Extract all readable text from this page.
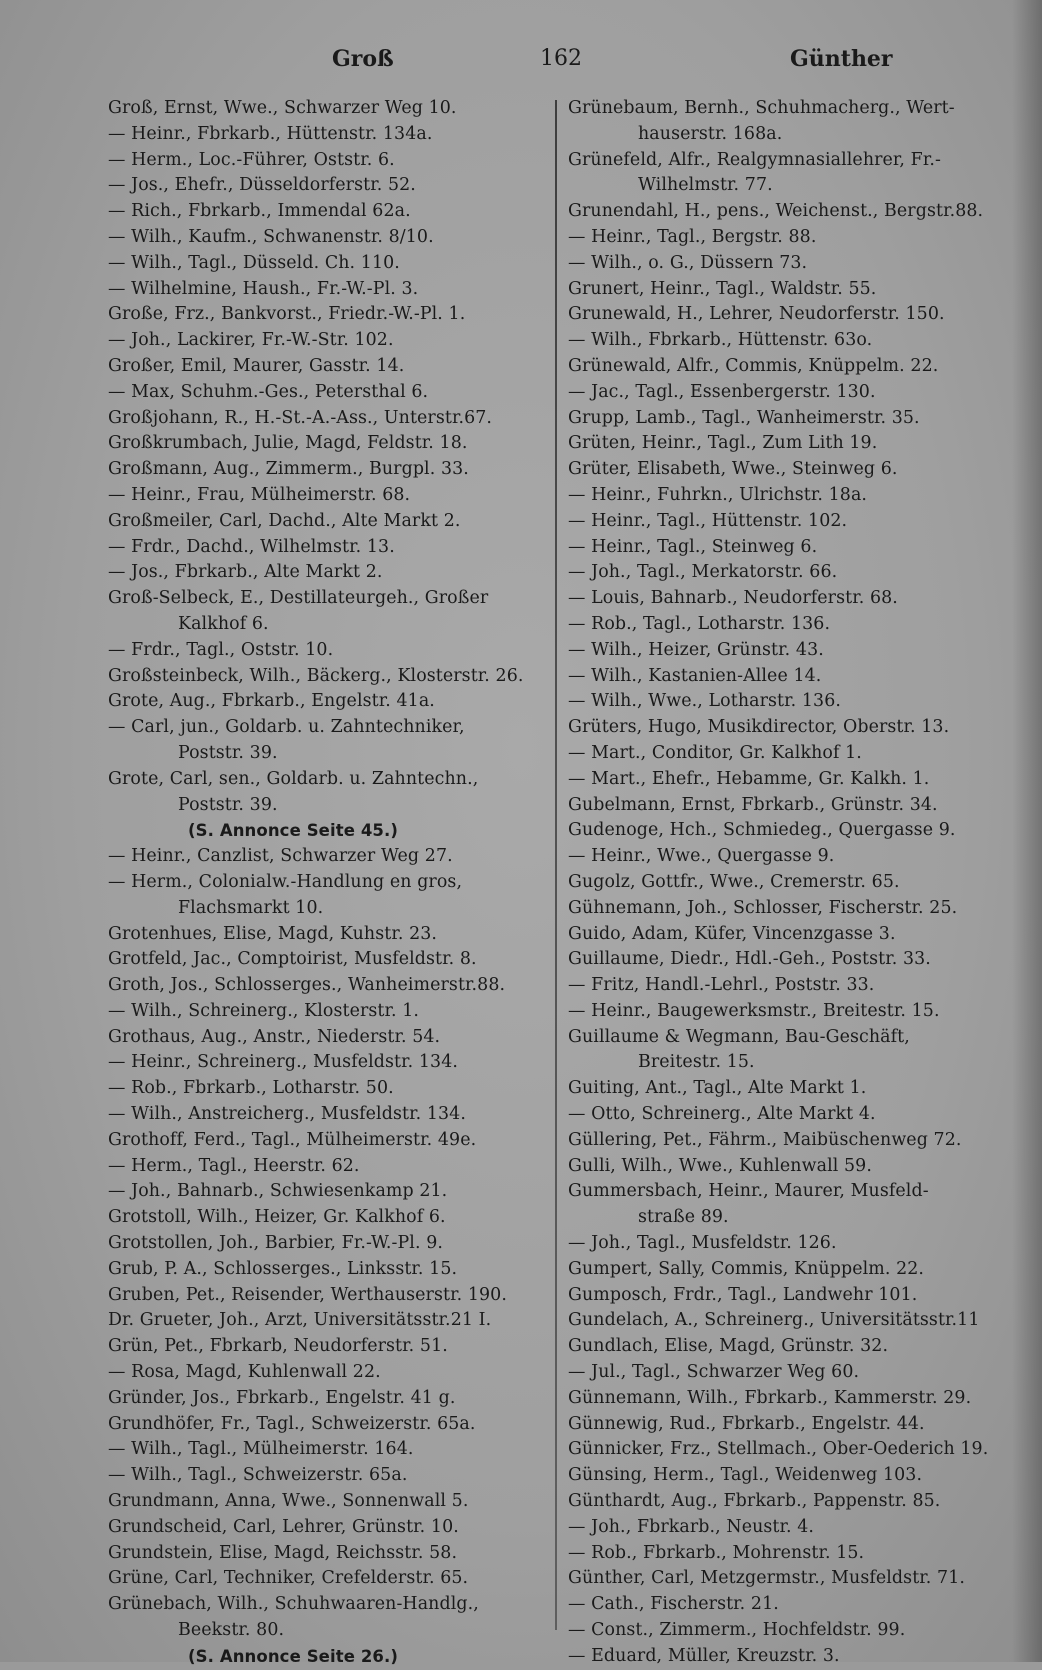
Groß	162	Günther
Groß, Ernst, Wwe., Schwarzer Weg 10.
— Heinr., Fbrkarb., Hüttenstr. 134a.
— Herm., Loc.-Führer, Oststr. 6.
— Jos., Ehefr., Düsseldorferstr. 52.
— Rich., Fbrkarb., Immendal 62a.
— Wilh., Kaufm., Schwanenstr. 8/10.
— Wilh., Tagl., Düsseld. Ch. 110.
— Wilhelmine, Haush., Fr.-W.-Pl. 3.
Große, Frz., Bankvorst., Friedr.-W.-Pl. 1.
— Joh., Lackirer, Fr.-W.-Str. 102.
Großer, Emil, Maurer, Gasstr. 14.
— Max, Schuhm.-Ges., Petersthal 6.
Großjohann, R., H.-St.-A.-Ass., Unterstr.67.
Großkrumbach, Julie, Magd, Feldstr. 18.
Großmann, Aug., Zimmerm., Burgpl. 33.
— Heinr., Frau, Mülheimerstr. 68.
Großmeiler, Carl, Dachd., Alte Markt 2.
— Frdr., Dachd., Wilhelmstr. 13.
— Jos., Fbrkarb., Alte Markt 2.
Groß-Selbeck, E., Destillateurgeh., Großer
Kalkhof 6.
— Frdr., Tagl., Oststr. 10.
Großsteinbeck, Wilh., Bäckerg., Klosterstr. 26.
Grote, Aug., Fbrkarb., Engelstr. 41a.
— Carl, jun., Goldarb. u. Zahntechniker,
Poststr. 39.
Grote, Carl, sen., Goldarb. u. Zahntechn.,
Poststr. 39.
(S. Annonce Seite 45.)
— Heinr., Canzlist, Schwarzer Weg 27.
— Herm., Colonialw.-Handlung en gros,
Flachsmarkt 10.
Grotenhues, Elise, Magd, Kuhstr. 23.
Grotfeld, Jac., Comptoirist, Musfeldstr. 8.
Groth, Jos., Schlosserges., Wanheimerstr.88.
— Wilh., Schreinerg., Klosterstr. 1.
Grothaus, Aug., Anstr., Niederstr. 54.
— Heinr., Schreinerg., Musfeldstr. 134.
— Rob., Fbrkarb., Lotharstr. 50.
— Wilh., Anstreicherg., Musfeldstr. 134.
Grothoff, Ferd., Tagl., Mülheimerstr. 49e.
— Herm., Tagl., Heerstr. 62.
— Joh., Bahnarb., Schwiesenkamp 21.
Grotstoll, Wilh., Heizer, Gr. Kalkhof 6.
Grotstollen, Joh., Barbier, Fr.-W.-Pl. 9.
Grub, P. A., Schlosserges., Linksstr. 15.
Gruben, Pet., Reisender, Werthauserstr. 190.
Dr. Grueter, Joh., Arzt, Universitätsstr.21 I.
Grün, Pet., Fbrkarb, Neudorferstr. 51.
— Rosa, Magd, Kuhlenwall 22.
Gründer, Jos., Fbrkarb., Engelstr. 41 g.
Grundhöfer, Fr., Tagl., Schweizerstr. 65a.
— Wilh., Tagl., Mülheimerstr. 164.
— Wilh., Tagl., Schweizerstr. 65a.
Grundmann, Anna, Wwe., Sonnenwall 5.
Grundscheid, Carl, Lehrer, Grünstr. 10.
Grundstein, Elise, Magd, Reichsstr. 58.
Grüne, Carl, Techniker, Crefelderstr. 65.
Grünebach, Wilh., Schuhwaaren-Handlg.,
Beekstr. 80.
(S. Annonce Seite 26.)
Grünebaum, Bernh., Schuhmacherg., Wert-
hauserstr. 168a.
Grünefeld, Alfr., Realgymnasiallehrer, Fr.-
Wilhelmstr. 77.
Grunendahl, H., pens., Weichenst., Bergstr.88.
— Heinr., Tagl., Bergstr. 88.
— Wilh., o. G., Düssern 73.
Grunert, Heinr., Tagl., Waldstr. 55.
Grunewald, H., Lehrer, Neudorferstr. 150.
— Wilh., Fbrkarb., Hüttenstr. 63o.
Grünewald, Alfr., Commis, Knüppelm. 22.
— Jac., Tagl., Essenbergerstr. 130.
Grupp, Lamb., Tagl., Wanheimerstr. 35.
Grüten, Heinr., Tagl., Zum Lith 19.
Grüter, Elisabeth, Wwe., Steinweg 6.
— Heinr., Fuhrkn., Ulrichstr. 18a.
— Heinr., Tagl., Hüttenstr. 102.
— Heinr., Tagl., Steinweg 6.
— Joh., Tagl., Merkatorstr. 66.
— Louis, Bahnarb., Neudorferstr. 68.
— Rob., Tagl., Lotharstr. 136.
— Wilh., Heizer, Grünstr. 43.
— Wilh., Kastanien-Allee 14.
— Wilh., Wwe., Lotharstr. 136.
Grüters, Hugo, Musikdirector, Oberstr. 13.
— Mart., Conditor, Gr. Kalkhof 1.
— Mart., Ehefr., Hebamme, Gr. Kalkh. 1.
Gubelmann, Ernst, Fbrkarb., Grünstr. 34.
Gudenoge, Hch., Schmiedeg., Quergasse 9.
— Heinr., Wwe., Quergasse 9.
Gugolz, Gottfr., Wwe., Cremerstr. 65.
Gühnemann, Joh., Schlosser, Fischerstr. 25.
Guido, Adam, Küfer, Vincenzgasse 3.
Guillaume, Diedr., Hdl.-Geh., Poststr. 33.
— Fritz, Handl.-Lehrl., Poststr. 33.
— Heinr., Baugewerksmstr., Breitestr. 15.
Guillaume & Wegmann, Bau-Geschäft,
Breitestr. 15.
Guiting, Ant., Tagl., Alte Markt 1.
— Otto, Schreinerg., Alte Markt 4.
Güllering, Pet., Fährm., Maibüschenweg 72.
Gulli, Wilh., Wwe., Kuhlenwall 59.
Gummersbach, Heinr., Maurer, Musfeld-
straße 89.
— Joh., Tagl., Musfeldstr. 126.
Gumpert, Sally, Commis, Knüppelm. 22.
Gumposch, Frdr., Tagl., Landwehr 101.
Gundelach, A., Schreinerg., Universitätsstr.11
Gundlach, Elise, Magd, Grünstr. 32.
— Jul., Tagl., Schwarzer Weg 60.
Günnemann, Wilh., Fbrkarb., Kammerstr. 29.
Günnewig, Rud., Fbrkarb., Engelstr. 44.
Günnicker, Frz., Stellmach., Ober-Oederich 19.
Günsing, Herm., Tagl., Weidenweg 103.
Günthardt, Aug., Fbrkarb., Pappenstr. 85.
— Joh., Fbrkarb., Neustr. 4.
— Rob., Fbrkarb., Mohrenstr. 15.
Günther, Carl, Metzgermstr., Musfeldstr. 71.
— Cath., Fischerstr. 21.
— Const., Zimmerm., Hochfeldstr. 99.
— Eduard, Müller, Kreuzstr. 3.
